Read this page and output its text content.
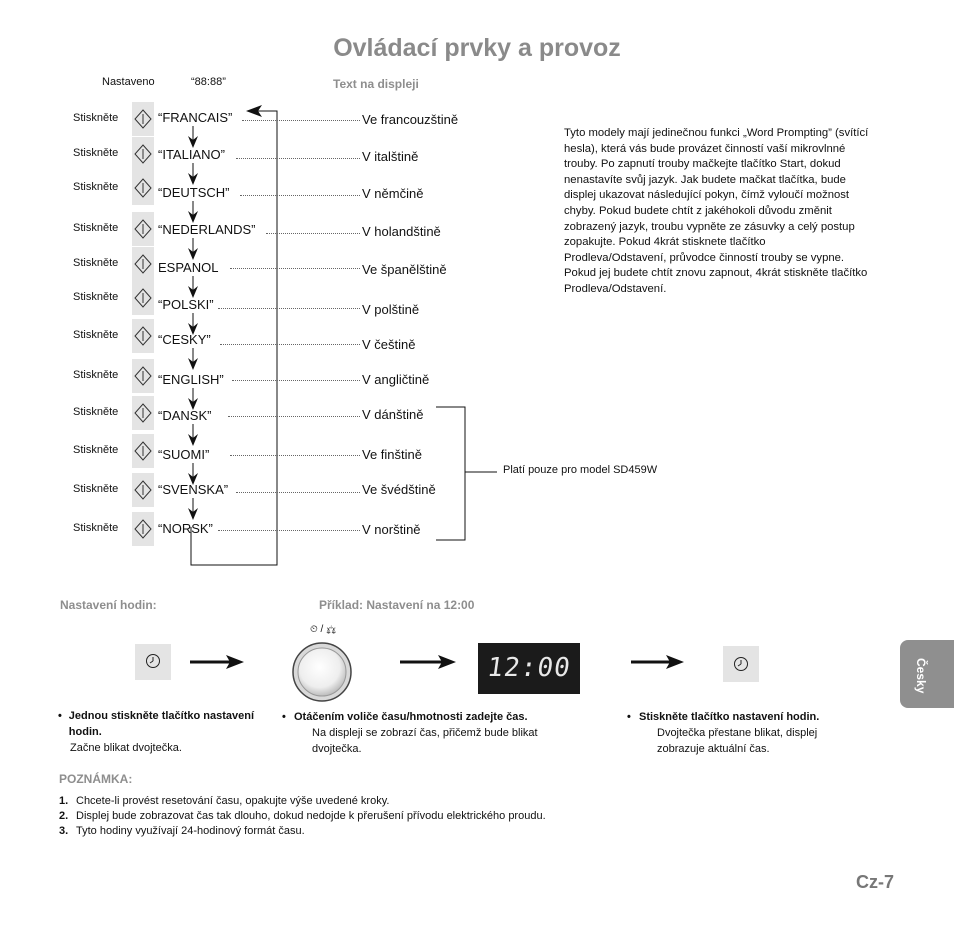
Ovládací prvky a provoz
Nastaveno	“88:88”	Text na displeji
Stiskněte	“FRANCAIS”	Ve francouzštině
Stiskněte	“ITALIANO”	V italštině
Stiskněte	“DEUTSCH”	V němčině
Stiskněte	“NEDERLANDS”	V holandštině
Stiskněte	ESPANOL	Ve španělštině
Stiskněte	“POLSKI”	V polštině
Stiskněte	“CESKY”	V češtině
Stiskněte	“ENGLISH”	V angličtině
Stiskněte	“DANSK”	V dánštině
Stiskněte	“SUOMI”	Ve finštině
Stiskněte	“SVENSKA”	Ve švédštině
Stiskněte	“NORSK”	V norštině
Tyto modely mají jedinečnou funkci „Word Prompting” (svítící hesla), která vás bude provázet činností vaší mikrovlnné trouby. Po zapnutí trouby mačkejte tlačítko Start, dokud nenastavíte svůj jazyk. Jak budete mačkat tlačítka, bude displej ukazovat následující pokyn, čímž vyloučí možnost chyby. Pokud budete chtít z jakéhokoli důvodu změnit zobrazený jazyk, troubu vypněte ze zásuvky a celý postup zopakujte. Pokud 4krát stisknete tlačítko Prodleva/Odstavení, průvodce činností trouby se vypne. Pokud jej budete chtít znovu zapnout, 4krát stiskněte tlačítko Prodleva/Odstavení.
Platí pouze pro model SD459W
Nastavení hodin:	Příklad: Nastavení na 12:00
⏲ / ⚖
12:00
• Jednou stiskněte tlačítko nastavení hodin.
Začne blikat dvojtečka.
• Otáčením voliče času/hmotnosti zadejte čas.
Na displeji se zobrazí čas, přičemž bude blikat dvojtečka.
• Stiskněte tlačítko nastavení hodin.
Dvojtečka přestane blikat, displej zobrazuje aktuální čas.
POZNÁMKA:
1. Chcete-li provést resetování času, opakujte výše uvedené kroky.
2. Displej bude zobrazovat čas tak dlouho, dokud nedojde k přerušení přívodu elektrického proudu.
3. Tyto hodiny využívají 24-hodinový formát času.
Česky
Cz-7
